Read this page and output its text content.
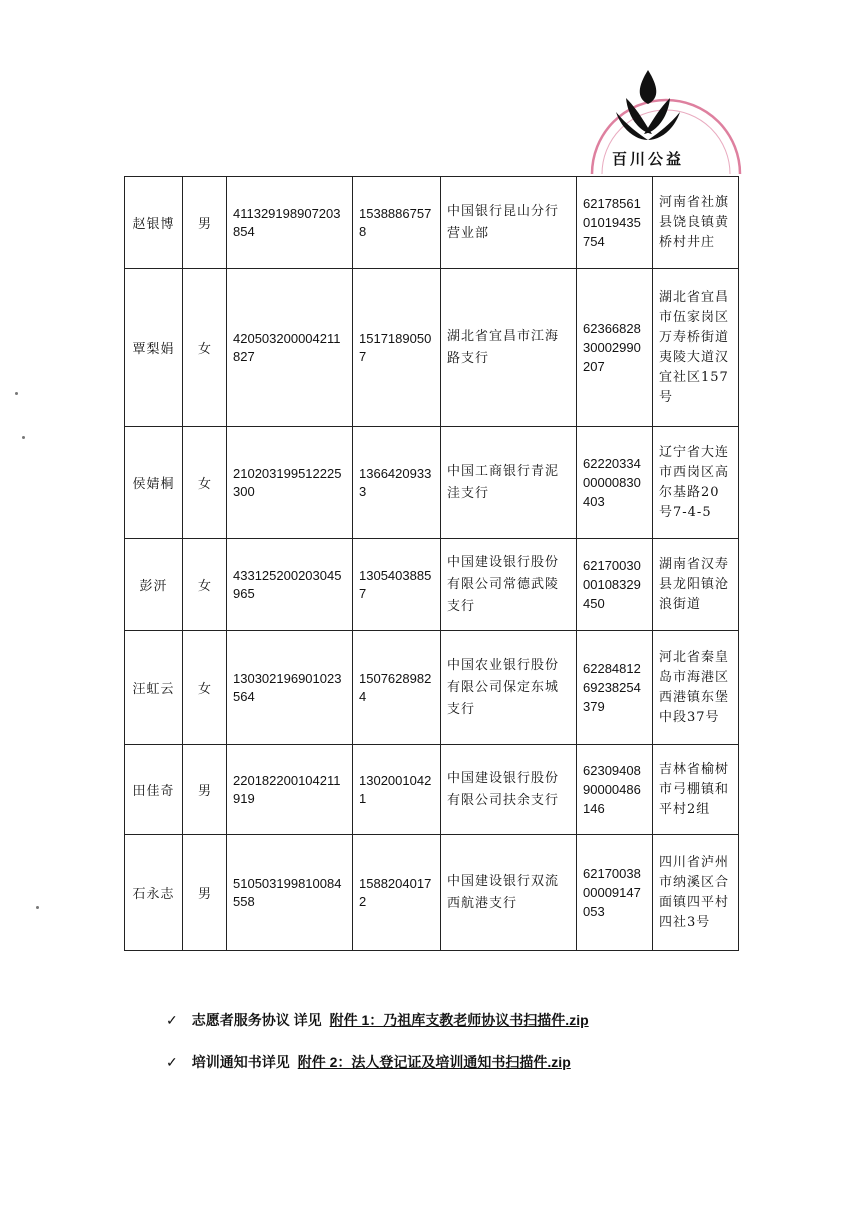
百川公益
赵银博	男	411329198907203854	15388867578	中国银行昆山分行营业部	6217856101019435754	河南省社旗县饶良镇黄桥村井庄
覃梨娟	女	420503200004211827	15171890507	湖北省宜昌市江海路支行	6236682830002990207	湖北省宜昌市伍家岗区万寿桥街道夷陵大道汉宜社区157号
侯婧桐	女	210203199512225300	13664209333	中国工商银行青泥洼支行	6222033400000830403	辽宁省大连市西岗区高尔基路20号7-4-5
彭汧	女	433125200203045965	13054038857	中国建设银行股份有限公司常德武陵支行	6217003000108329450	湖南省汉寿县龙阳镇沧浪街道
汪虹云	女	130302196901023564	15076289824	中国农业银行股份有限公司保定东城支行	6228481269238254379	河北省秦皇岛市海港区西港镇东堡中段37号
田佳奇	男	220182200104211919	13020010421	中国建设银行股份有限公司扶余支行	6230940890000486146	吉林省榆树市弓棚镇和平村2组
石永志	男	510503199810084558	15882040172	中国建设银行双流西航港支行	6217003800009147053	四川省泸州市纳溪区合面镇四平村四社3号
✓ 志愿者服务协议 详见 附件 1：乃祖库支教老师协议书扫描件.zip
✓ 培训通知书详见 附件 2：法人登记证及培训通知书扫描件.zip
